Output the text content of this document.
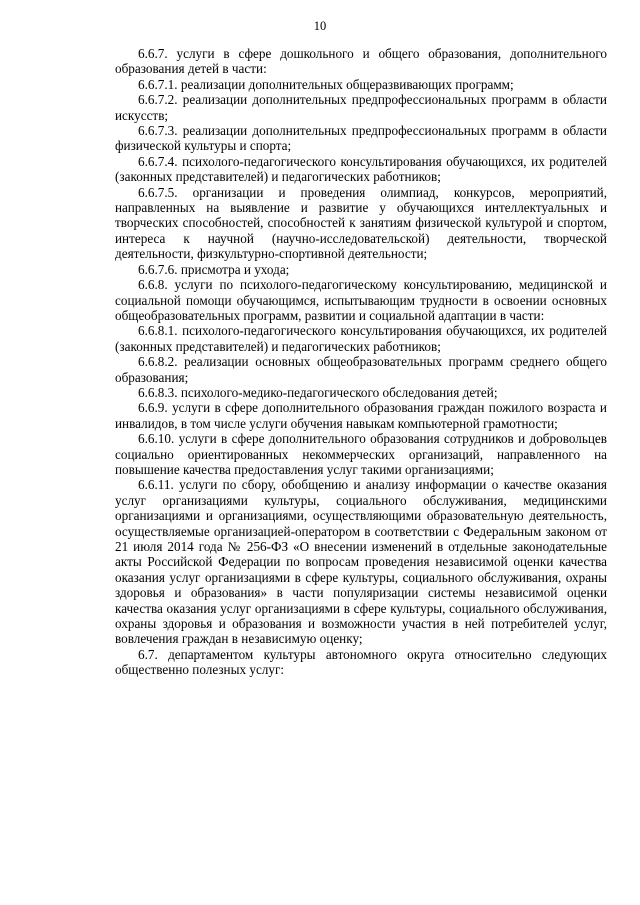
10

6.6.7. услуги в сфере дошкольного и общего образования, дополнительного образования детей в части:

6.6.7.1. реализации дополнительных общеразвивающих программ;

6.6.7.2. реализации дополнительных предпрофессиональных программ в области искусств;

6.6.7.3. реализации дополнительных предпрофессиональных программ в области физической культуры и спорта;

6.6.7.4. психолого-педагогического консультирования обучающихся, их родителей (законных представителей) и педагогических работников;

6.6.7.5. организации и проведения олимпиад, конкурсов, мероприятий, направленных на выявление и развитие у обучающихся интеллектуальных и творческих способностей, способностей к занятиям физической культурой и спортом, интереса к научной (научно-исследовательской) деятельности, творческой деятельности, физкультурно-спортивной деятельности;

6.6.7.6. присмотра и ухода;

6.6.8. услуги по психолого-педагогическому консультированию, медицинской и социальной помощи обучающимся, испытывающим трудности в освоении основных общеобразовательных программ, развитии и социальной адаптации в части:

6.6.8.1. психолого-педагогического консультирования обучающихся, их родителей (законных представителей) и педагогических работников;

6.6.8.2. реализации основных общеобразовательных программ среднего общего образования;

6.6.8.3. психолого-медико-педагогического обследования детей;

6.6.9. услуги в сфере дополнительного образования граждан пожилого возраста и инвалидов, в том числе услуги обучения навыкам компьютерной грамотности;

6.6.10. услуги в сфере дополнительного образования сотрудников и добровольцев социально ориентированных некоммерческих организаций, направленного на повышение качества предоставления услуг такими организациями;

6.6.11. услуги по сбору, обобщению и анализу информации о качестве оказания услуг организациями культуры, социального обслуживания, медицинскими организациями и организациями, осуществляющими образовательную деятельность, осуществляемые организацией-оператором в соответствии с Федеральным законом от 21 июля 2014 года № 256-ФЗ «О внесении изменений в отдельные законодательные акты Российской Федерации по вопросам проведения независимой оценки качества оказания услуг организациями в сфере культуры, социального обслуживания, охраны здоровья и образования» в части популяризации системы независимой оценки качества оказания услуг организациями в сфере культуры, социального обслуживания, охраны здоровья и образования и возможности участия в ней потребителей услуг, вовлечения граждан в независимую оценку;

6.7. департаментом культуры автономного округа относительно следующих общественно полезных услуг:
